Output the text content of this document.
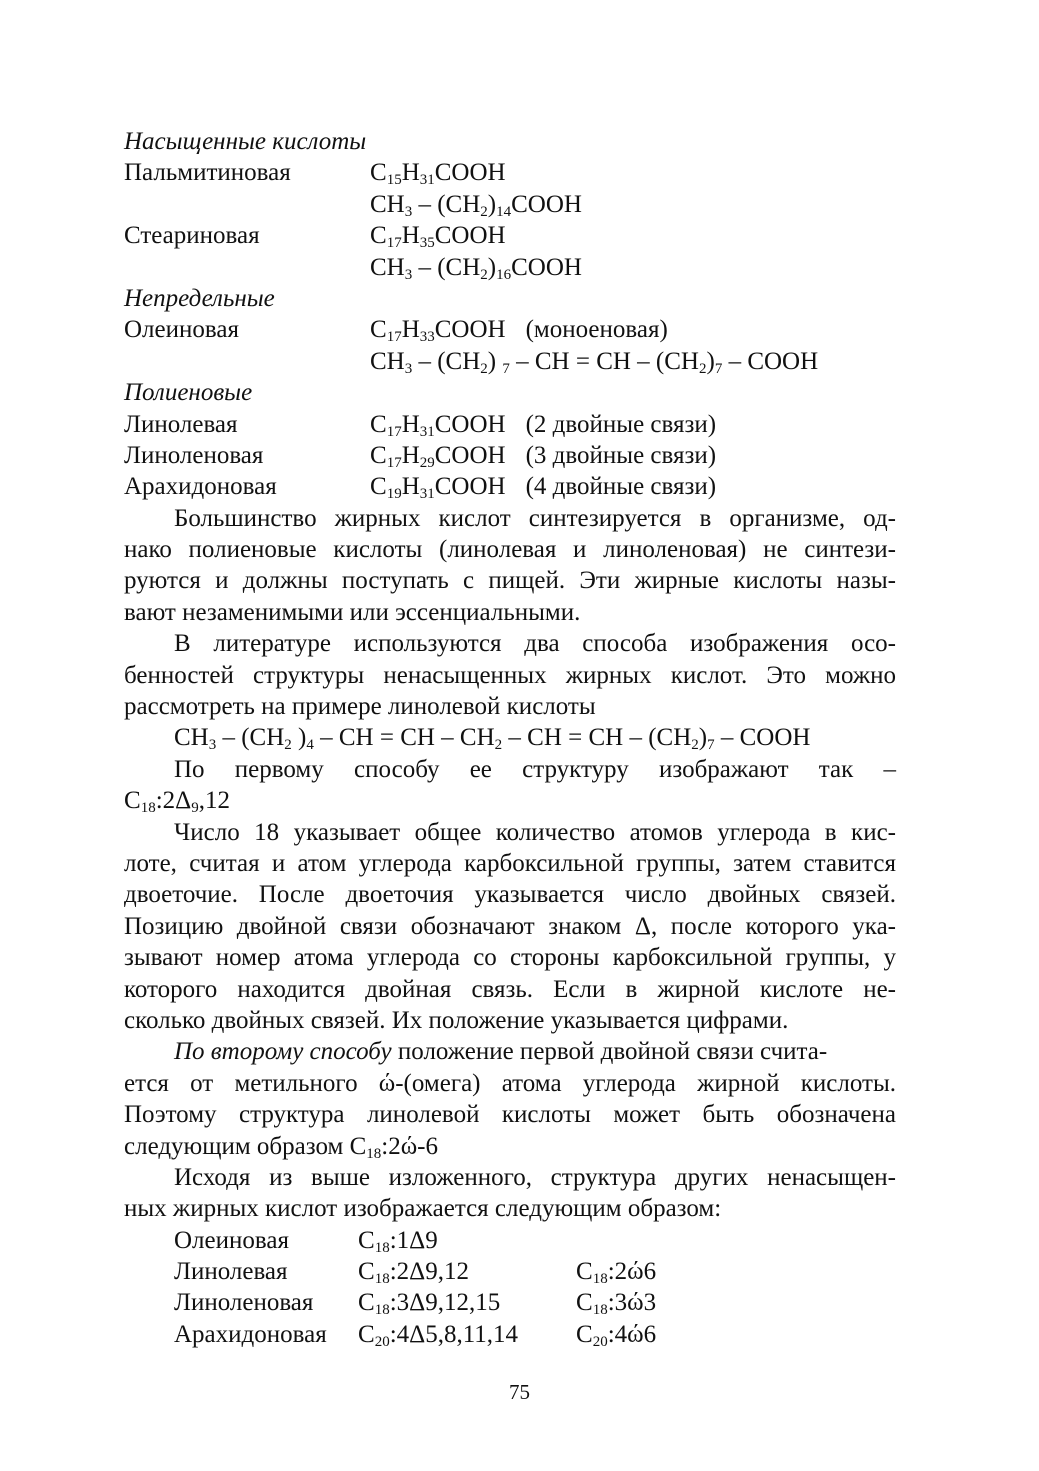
Насыщенные кислоты
Пальмитиновая	$C_{15}H_{31}COOH$
$CH_3$ – $(CH_2)_{14}COOH$
Стеариновая	$C_{17}H_{35}COOH$
$CH_3$ – $(CH_2)_{16}COOH$
Непредельные
Олеиновая	$C_{17}H_{33}COOH$ (моноеновая)
$CH_3 - (CH_2)$ $_7$ – CH = CH – $(CH_2)_7$ – COOH
Полиеновые
Линолевая	$C_{17}H_{31}COOH$ (2 двойные связи)
Линоленовая	$C_{17}H_{29}COOH$ (3 двойные связи)
Арахидоновая	$C_{19}H_{31}COOH$ (4 двойные связи)
Большинство жирных кислот синтезируется в организме, од-
нако полиеновые кислоты (линолевая и линоленовая) не синтези-
руются и должны поступать с пищей. Эти жирные кислоты назы-
вают незаменимыми или эссенциальными.
В литературе используются два способа изображения осо-
бенностей структуры ненасыщенных жирных кислот. Это можно
рассмотреть на примере линолевой кислоты
$CH_3 - (CH_2$ )$_4$ – CH = CH – $CH_2$ – CH = CH – $(CH_2)_7$ – COOH
По первому способу ее структуру изображают так –
$C_{18}:2\Delta_9,12$
Число 18 указывает общее количество атомов углерода в кис-
лоте, считая и атом углерода карбоксильной группы, затем ставится
двоеточие. После двоеточия указывается число двойных связей.
Позицию двойной связи обозначают знаком Δ, после которого ука-
зывают номер атома углерода со стороны карбоксильной группы, у
которого находится двойная связь. Если в жирной кислоте не-
сколько двойных связей. Их положение указывается цифрами.
По второму способу положение первой двойной связи счита-
ется от метильного ώ-(омега) атома углерода жирной кислоты.
Поэтому структура линолевой кислоты может быть обозначена
следующим образом $C_{18}:2ώ-6$
Исходя из выше изложенного, структура других ненасыщен-
ных жирных кислот изображается следующим образом:
Олеиновая	$C_{18}:1\Delta 9$
Линолевая	$C_{18}:2\Delta 9,12$	$C_{18}:2ώ6$
Линоленовая $C_{18}:3\Delta 9,12,15$	$C_{18}:3ώ3$
Арахидоновая $C_{20}:4\Delta 5,8,11,14$ $C_{20}:4ώ6$
75
